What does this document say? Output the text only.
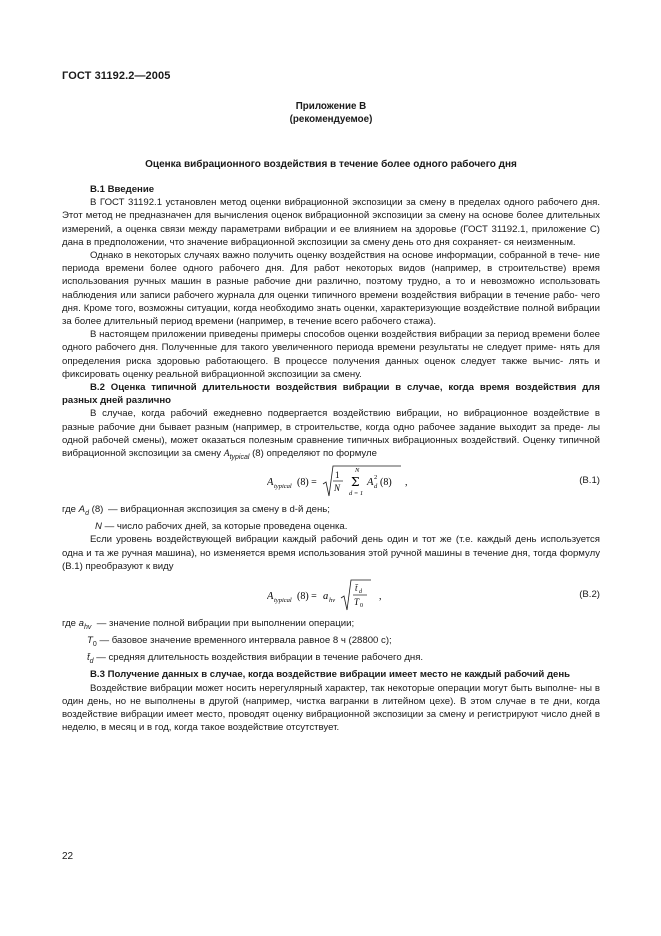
ГОСТ 31192.2—2005
Приложение В
(рекомендуемое)
Оценка вибрационного воздействия в течение более одного рабочего дня

В.1 Введение

В ГОСТ 31192.1 установлен метод оценки вибрационной экспозиции за смену в пределах одного рабочего дня. Этот метод не предназначен для вычисления оценок вибрационной экспозиции за смену на основе более длительных измерений, а оценка связи между параметрами вибрации и ее влиянием на здоровье (ГОСТ 31192.1, приложение С) дана в предположении, что значение вибрационной экспозиции за смену день ото дня сохраняет- ся неизменным.

Однако в некоторых случаях важно получить оценку воздействия на основе информации, собранной в тече- ние периода времени более одного рабочего дня. Для работ некоторых видов (например, в строительстве) время использования ручных машин в разные рабочие дни различно, поэтому трудно, а то и невозможно использовать наблюдения или записи рабочего журнала для оценки типичного времени воздействия вибрации в течение рабо- чего дня. Кроме того, возможны ситуации, когда необходимо знать оценки, характеризующие воздействие полной вибрации за более длительный период времени (например, в течение всего рабочего стажа).

В настоящем приложении приведены примеры способов оценки воздействия вибрации за период времени более одного рабочего дня. Полученные для такого увеличенного периода времени результаты не следует приме- нять для определения риска здоровью работающего. В процессе получения данных оценок следует также вычис- лять и фиксировать оценку реальной вибрационной экспозиции за смену.

В.2 Оценка типичной длительности воздействия вибрации в случае, когда время воздействия для разных дней различно

В случае, когда рабочий ежедневно подвергается воздействию вибрации, но вибрационное воздействие в разные рабочие дни бывает разным (например, в строительстве, когда одно рабочее задание выходит за преде- лы одной рабочей смены), может оказаться полезным сравнение типичных вибрационных воздействий. Оценку типичной вибрационной экспозиции за смену $A_{typical}$ (8) определяют по формуле

A typical (8) =
1
N
N
Σ
d = 1
A 2
d (8) ,	(В.1)
где $A_d$ (8) — вибрационная экспозиция за смену в d-й день;
N — число рабочих дней, за которые проведена оценка.

Если уровень воздействующей вибрации каждый рабочий день один и тот же (т.е. каждый день используется одна и та же ручная машина), но изменяется время использования этой ручной машины в течение дня, тогда формулу (В.1) преобразуют к виду

A typical (8) = a hv
t̄ d
T 0
,	(В.2)
где $a_{hv}$ — значение полной вибрации при выполнении операции;
$T_0$ — базовое значение временного интервала равное 8 ч (28800 с);
$t̄_d$ — средняя длительность воздействия вибрации в течение рабочего дня.

В.3 Получение данных в случае, когда воздействие вибрации имеет место не каждый рабочий день

Воздействие вибрации может носить нерегулярный характер, так некоторые операции могут быть выполне- ны в один день, но не выполнены в другой (например, чистка вагранки в литейном цехе). В этом случае в те дни, когда воздействие вибрации имеет место, проводят оценку вибрационной экспозиции за смену и регистрируют число дней в неделю, в месяц и в год, когда такое воздействие отсутствует.

22
